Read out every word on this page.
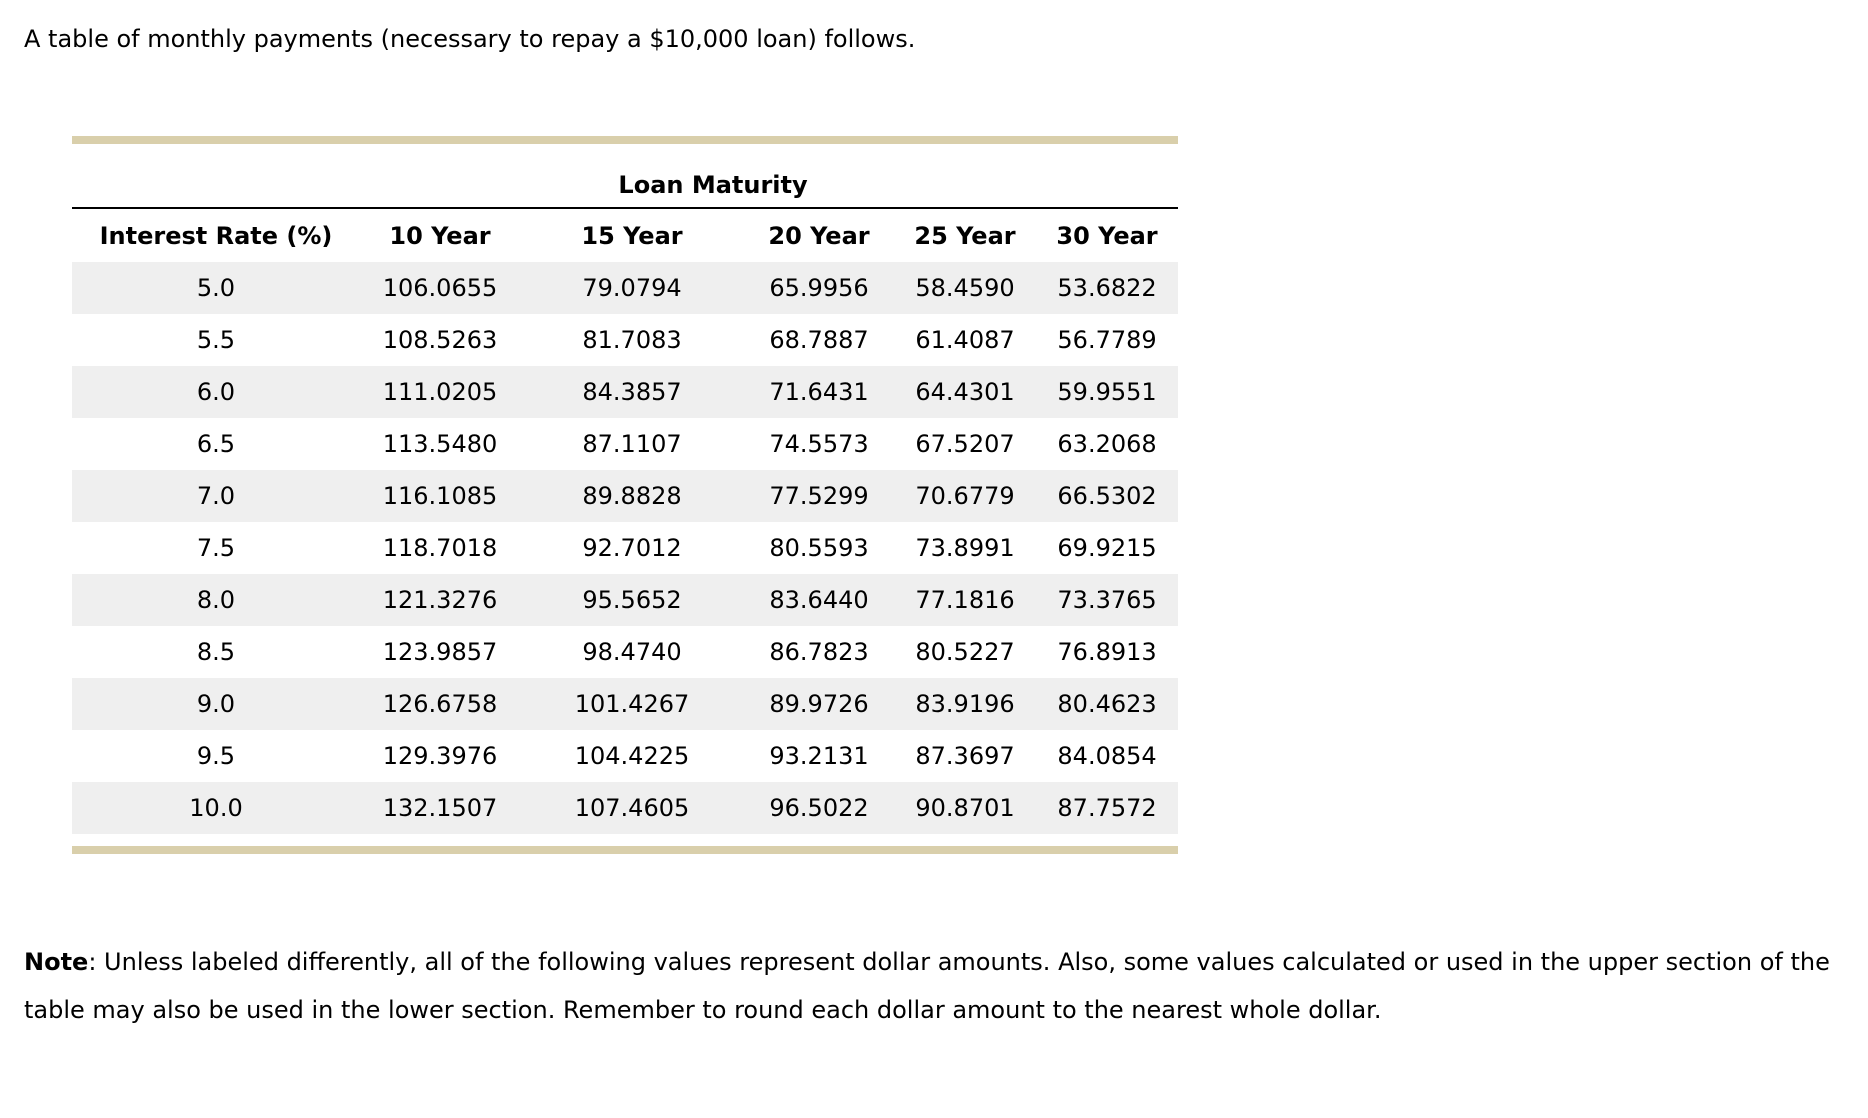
A table of monthly payments (necessary to repay a $10,000 loan) follows.

	Loan Maturity				
Interest Rate (%)	10 Year	15 Year	20 Year	25 Year	30 Year
5.0	106.0655	79.0794	65.9956	58.4590	53.6822
5.5	108.5263	81.7083	68.7887	61.4087	56.7789
6.0	111.0205	84.3857	71.6431	64.4301	59.9551
6.5	113.5480	87.1107	74.5573	67.5207	63.2068
7.0	116.1085	89.8828	77.5299	70.6779	66.5302
7.5	118.7018	92.7012	80.5593	73.8991	69.9215
8.0	121.3276	95.5652	83.6440	77.1816	73.3765
8.5	123.9857	98.4740	86.7823	80.5227	76.8913
9.0	126.6758	101.4267	89.9726	83.9196	80.4623
9.5	129.3976	104.4225	93.2131	87.3697	84.0854
10.0	132.1507	107.4605	96.5022	90.8701	87.7572

Note: Unless labeled differently, all of the following values represent dollar amounts. Also, some values calculated or used in the upper section of the table may also be used in the lower section. Remember to round each dollar amount to the nearest whole dollar.
